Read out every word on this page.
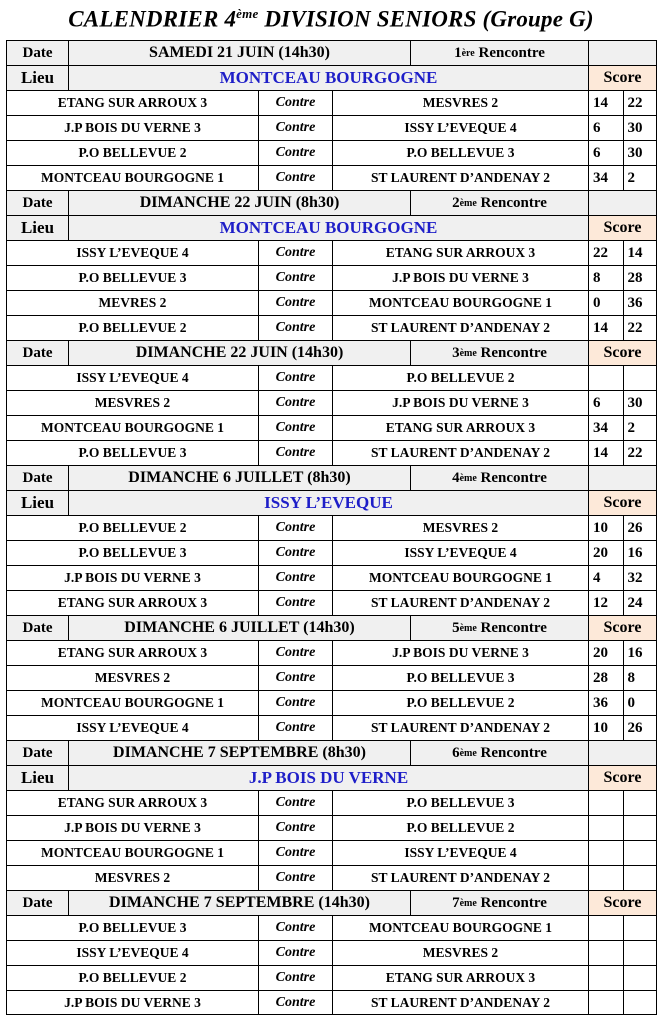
CALENDRIER 4ème DIVISION SENIORS (Groupe G)
Date	SAMEDI 21 JUIN (14h30)	1 ère
Rencontre
Lieu	MONTCEAU BOURGOGNE	Score
ETANG SUR ARROUX 3	Contre	MESVRES 2	14	22
J.P BOIS DU VERNE 3	Contre	ISSY L’EVEQUE 4	6	30
P.O BELLEVUE 2	Contre	P.O BELLEVUE 3	6	30
MONTCEAU BOURGOGNE 1	Contre	ST LAURENT D’ANDENAY 2	34	2
Date	DIMANCHE 22 JUIN (8h30)	2 ème
Rencontre
Lieu	MONTCEAU BOURGOGNE	Score
ISSY L’EVEQUE 4	Contre	ETANG SUR ARROUX 3	22	14
P.O BELLEVUE 3	Contre	J.P BOIS DU VERNE 3	8	28
MEVRES 2	Contre	MONTCEAU BOURGOGNE 1	0	36
P.O BELLEVUE 2	Contre	ST LAURENT D’ANDENAY 2	14	22
Date	DIMANCHE 22 JUIN (14h30)	3 ème
Rencontre	Score
ISSY L’EVEQUE 4	Contre	P.O BELLEVUE 2
MESVRES 2	Contre	J.P BOIS DU VERNE 3	6	30
MONTCEAU BOURGOGNE 1	Contre	ETANG SUR ARROUX 3	34	2
P.O BELLEVUE 3	Contre	ST LAURENT D’ANDENAY 2	14	22
Date	DIMANCHE 6 JUILLET (8h30)	4 ème
Rencontre
Lieu	ISSY L’EVEQUE	Score
P.O BELLEVUE 2	Contre	MESVRES 2	10	26
P.O BELLEVUE 3	Contre	ISSY L’EVEQUE 4	20	16
J.P BOIS DU VERNE 3	Contre	MONTCEAU BOURGOGNE 1	4	32
ETANG SUR ARROUX 3	Contre	ST LAURENT D’ANDENAY 2	12	24
Date	DIMANCHE 6 JUILLET (14h30)	5 ème
Rencontre	Score
ETANG SUR ARROUX 3	Contre	J.P BOIS DU VERNE 3	20	16
MESVRES 2	Contre	P.O BELLEVUE 3	28	8
MONTCEAU BOURGOGNE 1	Contre	P.O BELLEVUE 2	36	0
ISSY L’EVEQUE 4	Contre	ST LAURENT D’ANDENAY 2	10	26
Date	DIMANCHE 7 SEPTEMBRE (8h30)	6 ème
Rencontre
Lieu	J.P BOIS DU VERNE	Score
ETANG SUR ARROUX 3	Contre	P.O BELLEVUE 3
J.P BOIS DU VERNE 3	Contre	P.O BELLEVUE 2
MONTCEAU BOURGOGNE 1	Contre	ISSY L’EVEQUE 4
MESVRES 2	Contre	ST LAURENT D’ANDENAY 2
Date	DIMANCHE 7 SEPTEMBRE (14h30)	7 ème
Rencontre	Score
P.O BELLEVUE 3	Contre	MONTCEAU BOURGOGNE 1
ISSY L’EVEQUE 4	Contre	MESVRES 2
P.O BELLEVUE 2	Contre	ETANG SUR ARROUX 3
J.P BOIS DU VERNE 3	Contre	ST LAURENT D’ANDENAY 2
